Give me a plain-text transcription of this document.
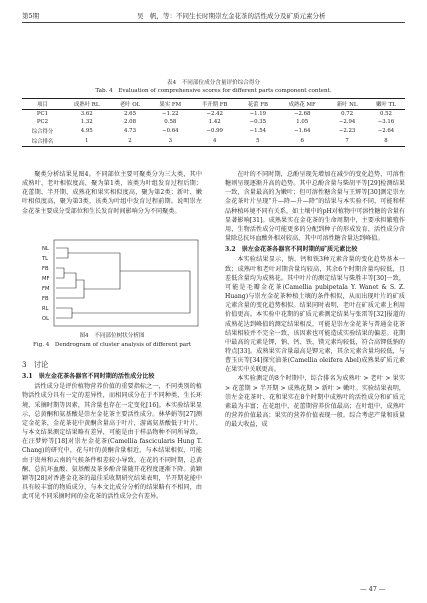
第5期	吴　帆，等：不同生长时期崇左金花茶的活性成分及矿质元素分析
表4　不同部位成分含量评价综合得分
Tab. 4　Evaluation of comprehensive scores for different parts component content.
项目	成熟叶 RL	老叶 OL	果实 FM	半开期 FB	花蕾 FB	成熟花 MF	新叶 NL	嫩叶 TL
PC1	3.62	2.65	−1.22	−2.42	−1.19	−2.68	0.72	0.52
PC2	1.32	2.08	0.58	1.42	−0.35	1.05	−2.94	−3.16
综合得分	4.95	4.73	−0.64	−0.99	−1.54	−1.64	−2.23	−2.64
综合排名	1	2	3	4	5	6	7	8

聚类分析结果见图4。不同部位主要可聚类分为三大类，其中成熟叶、老叶相似度高，聚为第1类，该类为叶组发育过程后期；花蕾期、半开期、成熟花和果实相似度高，聚为第2类；新叶、嫩叶相似度高，聚为第3类，该类为叶组中发育过程前期。说明崇左金花茶主要成分受部位和生长发育时间影响分为不同聚类。

NL
TL
FB
MF
FM
FB
RL
OL
图4　不同部位树状分析图
Fig. 4　Dendrogram of cluster analysis of different part

3　讨论

3.1　崇左金花茶各器官不同时期的活性成分比较

活性成分是评价植物营养价值的重要指标之一，不同类别的植物活性成分具有一定的差异性，而相同成分在于不同种类、生长环境、采摘时期等因素，其含量也存在一定变化[16]。本实验结果显示，总黄酮和氨基酸是崇左金花茶主要活性成分。林华娟等[27]测定金花茶，金花茶花中黄酮含量高于叶片，游离氨基酸低于叶片，与本文结果测定结果略有差异，可能是由于样品物种不同所导致。在汪梦婷等[18]对崇左金花茶(Camellia fascicularis Hung T. Chang)的研究中，花与叶的黄酮含量相近，与本结果相似，可能由于贵州和云南的气候条件相差较小导致。在花的不同时期，总黄酮、总抗坏血酸、氨基酸及茶多酚含量随开花程度逐渐下降。黄颖颖等[28]对香港金花茶的最佳采收期研究结果表明，半开期花能中具有较丰富的物质成分，与本文比成分分析的结果略有不相同，由此可见不同采摘时间的金花茶的活性成分会有差异。

在叶的不同时期，总酚呈现先增加在减少的变化趋势，可溶性糖则呈现逐渐升高的趋势。其中总酚含量与柴胡平等[29]检测结果一致，含量最高的为嫩叶；但可溶性糖含量与王辉等[30]测定崇左金花茶叶片呈现“升—降—升—降”的结果与本实验不同，可能和样品种植环境不同有关系，如土壤中的pH对植物中可溶性糖的含量有显著影响[31]。成熟果实在金花茶的生命周期中，主要承担繁殖作用，生物活性成分可能更多的分配到种子的形成发育，活性成分含量除总抗坏血酸外相对较高，其中可溶性糖含量达到峰值。

3.2　崇左金花茶各器官不同时期的矿质元素比较

本实验结果显示，钠、钙和铁3种元素含量的变化趋势基本一致；成熟叶和老叶对期含量均较高，其余6个时期含量均较低，且差低含量均为成熟花。其中叶片的测定结果与柴胜丰等[30]一致，可能是毛瓣金花茶(Camellia pubipetala Y. Wanet & S. Z. Huang)与崇左金花茶种植土壤的条件相似，从而出现叶片的矿质元素含量的变化趋势相似。结果同时表明，老叶在矿质元素上利用价值更高。本实验中花期的矿质元素测定结果与张雷等[32]报道的成熟花达到峰值的测定结果相反，可能是崇左金花茶与普通金花茶结果相较并不完全一致，该因素也可能造成实验结果的偏差。花期中最高的元素是钾，钠、钙、铁、镁元素均较低，符合高钾低钠的特点[33]。成熟果实含量最高是钾元素，其余元素含量均较低，与曹玉庆等[34]探究油茶(Camellia oleifera Abel)成熟果矿质元素在果实中关联更高。

本实验测定的8个时期中，综合排名为成熟叶 > 老叶 > 果实 > 花蕾期 > 半开期 > 成熟花期 > 新叶 > 嫩叶。实验结果表明，崇左金花茶叶、花和果实在8个时期中成熟叶的活性成分和矿质元素最为丰富；在花组中，花蕾期营养价值最高；在叶组中，成熟叶的营养价值最高；果实的营养价值表现一般。综合考虑产量和质量的最大收益，成

— 47 —
